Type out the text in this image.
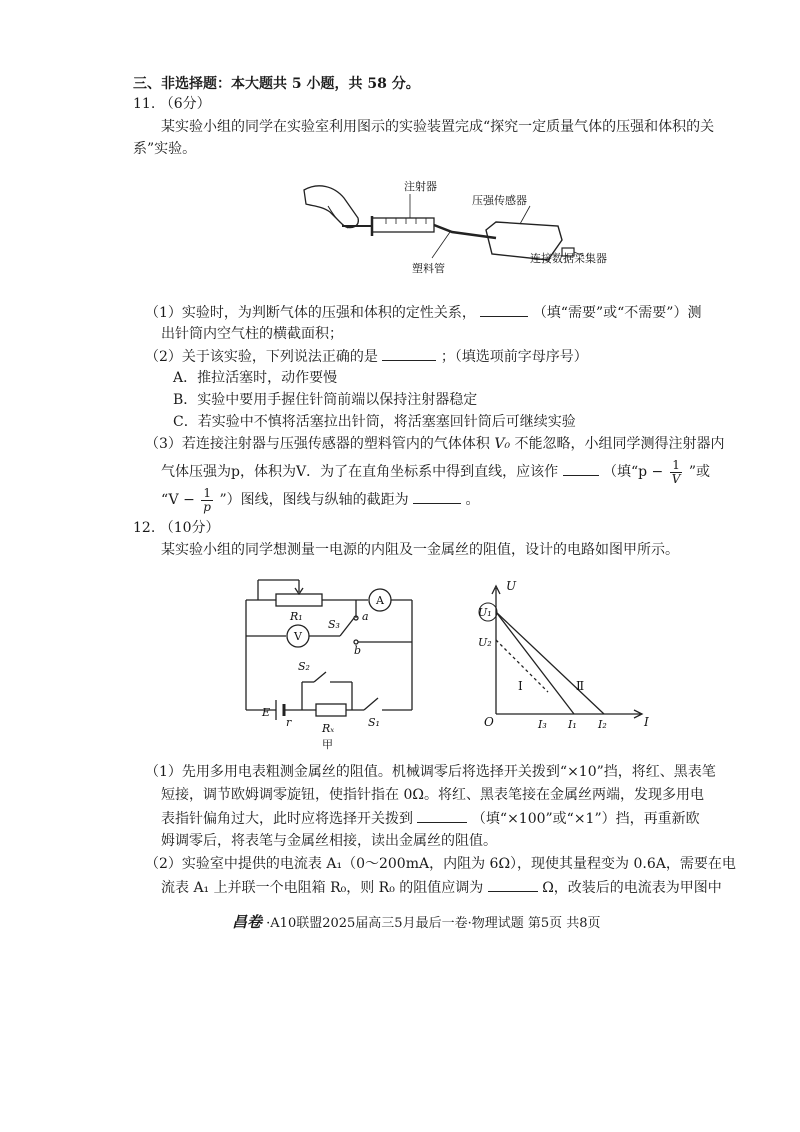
三、非选择题：本大题共 5 小题，共 58 分。
11. （6分）
某实验小组的同学在实验室利用图示的实验装置完成“探究一定质量气体的压强和体积的关
系”实验。
注射器
压强传感器
塑料管
连接数据采集器
（1）实验时，为判断气体的压强和体积的定性关系，	（填“需要”或“不需要”）测
出针筒内空气柱的横截面积；
（2）关于该实验，下列说法正确的是	；（填选项前字母序号）
A．推拉活塞时，动作要慢
B．实验中要用手握住针筒前端以保持注射器稳定
C．若实验中不慎将活塞拉出针筒，将活塞塞回针筒后可继续实验
（3）若连接注射器与压强传感器的塑料管内的气体体积 V₀ 不能忽略，小组同学测得注射器内
气体压强为p，体积为V．为了在直角坐标系中得到直线，应该作	（填“$p - \frac{1}{V}$ ”或
“$V - \frac{1}{p}$ ”）图线，图线与纵轴的截距为	。
12. （10分）
某实验小组的同学想测量一电源的内阻及一金属丝的阻值，设计的电路如图甲所示。
R₁
A
V
S₃
a
b
S₂
E
r	Rₓ	S₁
甲
U
I
O
U₁
U₂
I₃ I₁ I₂
Ⅰ	Ⅱ
（1）先用多用电表粗测金属丝的阻值。机械调零后将选择开关拨到“×10”挡，将红、黑表笔
短接，调节欧姆调零旋钮，使指针指在 0Ω。将红、黑表笔接在金属丝两端，发现多用电
表指针偏角过大，此时应将选择开关拨到	（填“×100”或“×1”）挡，再重新欧
姆调零后，将表笔与金属丝相接，读出金属丝的阻值。
（2）实验室中提供的电流表 A₁（0～200mA，内阻为 6Ω），现使其量程变为 0.6A，需要在电
流表 A₁ 上并联一个电阻箱 R₀，则 R₀ 的阻值应调为	Ω，改装后的电流表为甲图中
昌卷 ·A10联盟2025届高三5月最后一卷·物理试题 第5页 共8页
